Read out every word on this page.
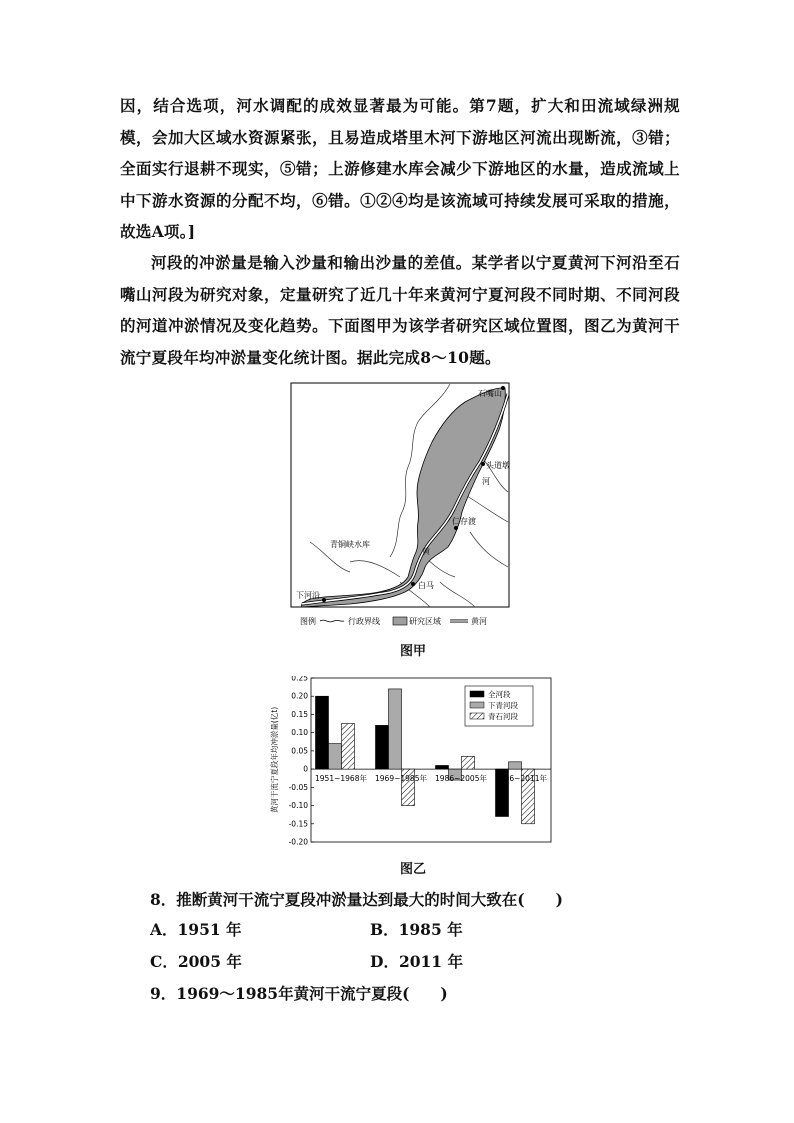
因，结合选项，河水调配的成效显著最为可能。第7题，扩大和田流域绿洲规模，会加大区域水资源紧张，且易造成塔里木河下游地区河流出现断流，③错；全面实行退耕不现实，⑤错；上游修建水库会减少下游地区的水量，造成流域上中下游水资源的分配不均，⑥错。①②④均是该流域可持续发展可采取的措施，故选A项。]
河段的冲淤量是输入沙量和输出沙量的差值。某学者以宁夏黄河下河沿至石嘴山河段为研究对象，定量研究了近几十年来黄河宁夏河段不同时期、不同河段的河道冲淤情况及变化趋势。下面图甲为该学者研究区域位置图，图乙为黄河干流宁夏段年均冲淤量变化统计图。据此完成8～10题。
石嘴山
头道墩
河
仁存渡
青铜峡水库
黄
白马
下河沿
图例	行政界线	研究区域	黄河
图甲
黄河干流宁夏段年均冲淤量(亿t)
0.25
0.20
0.15
0.10
0.05
0
-0.05
-0.10
-0.15
-0.20
1951~1968年 1969~1985年 1986~2005年 2006~2011年
全河段
下青河段
青石河段
图乙
8．推断黄河干流宁夏段冲淤量达到最大的时间大致在(　　)
A．1951 年	B．1985 年
C．2005 年	D．2011 年
9．1969～1985年黄河干流宁夏段(　　)
